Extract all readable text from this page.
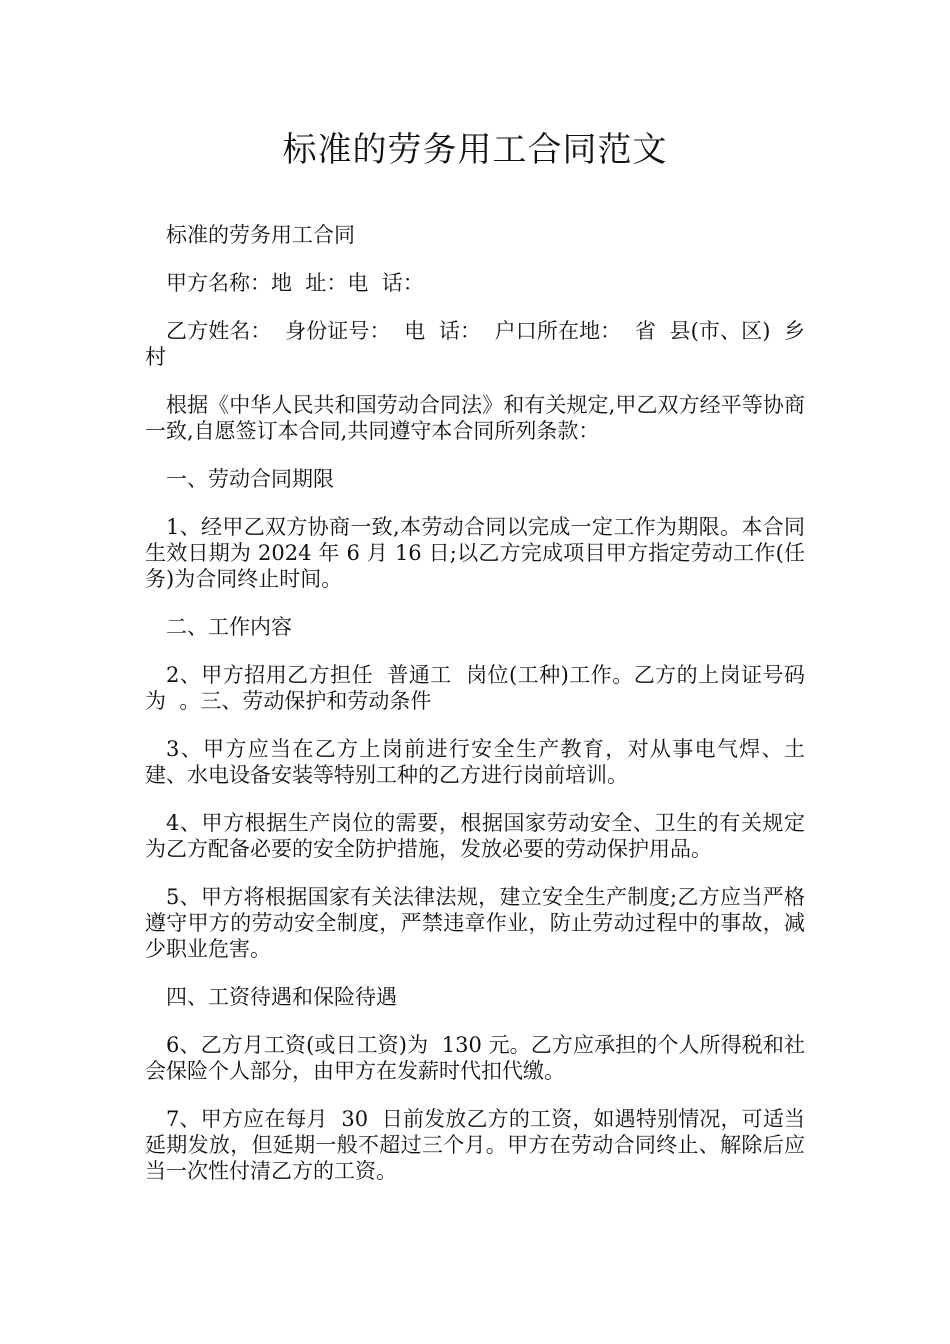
标准的劳务用工合同范文

标准的劳务用工合同

甲方名称：地  址：电  话：

乙方姓名：  身份证号：  电  话：  户口所在地：  省  县(市、区)  乡  村

根据《中华人民共和国劳动合同法》和有关规定,甲乙双方经平等协商一致,自愿签订本合同,共同遵守本合同所列条款：

一、劳动合同期限

1、经甲乙双方协商一致,本劳动合同以完成一定工作为期限。本合同生效日期为 2024 年 6 月 16 日;以乙方完成项目甲方指定劳动工作(任务)为合同终止时间。

二、工作内容

2、甲方招用乙方担任  普通工  岗位(工种)工作。乙方的上岗证号码为  。三、劳动保护和劳动条件

3、甲方应当在乙方上岗前进行安全生产教育，对从事电气焊、土建、水电设备安装等特别工种的乙方进行岗前培训。

4、甲方根据生产岗位的需要，根据国家劳动安全、卫生的有关规定为乙方配备必要的安全防护措施，发放必要的劳动保护用品。

5、甲方将根据国家有关法律法规，建立安全生产制度;乙方应当严格遵守甲方的劳动安全制度，严禁违章作业，防止劳动过程中的事故，减少职业危害。

四、工资待遇和保险待遇

6、乙方月工资(或日工资)为  130 元。乙方应承担的个人所得税和社会保险个人部分，由甲方在发薪时代扣代缴。

7、甲方应在每月  30  日前发放乙方的工资，如遇特别情况，可适当延期发放，但延期一般不超过三个月。甲方在劳动合同终止、解除后应当一次性付清乙方的工资。
